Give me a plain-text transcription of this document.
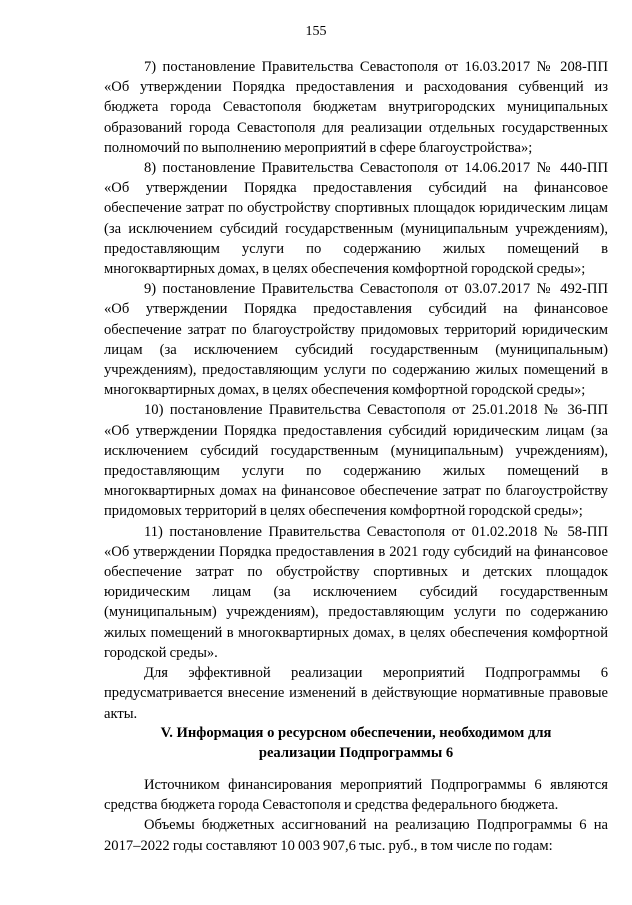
155

7) постановление Правительства Севастополя от 16.03.2017 № 208-ПП «Об утверждении Порядка предоставления и расходования субвенций из бюджета города Севастополя бюджетам внутригородских муниципальных образований города Севастополя для реализации отдельных государственных полномочий по выполнению мероприятий в сфере благоустройства»;

8) постановление Правительства Севастополя от 14.06.2017 № 440-ПП «Об утверждении Порядка предоставления субсидий на финансовое обеспечение затрат по обустройству спортивных площадок юридическим лицам (за исключением субсидий государственным (муниципальным учреждениям), предоставляющим услуги по содержанию жилых помещений в многоквартирных домах, в целях обеспечения комфортной городской среды»;

9) постановление Правительства Севастополя от 03.07.2017 № 492-ПП «Об утверждении Порядка предоставления субсидий на финансовое обеспечение затрат по благоустройству придомовых территорий юридическим лицам (за исключением субсидий государственным (муниципальным) учреждениям), предоставляющим услуги по содержанию жилых помещений в многоквартирных домах, в целях обеспечения комфортной городской среды»;

10) постановление Правительства Севастополя от 25.01.2018 № 36-ПП «Об утверждении Порядка предоставления субсидий юридическим лицам (за исключением субсидий государственным (муниципальным) учреждениям), предоставляющим услуги по содержанию жилых помещений в многоквартирных домах на финансовое обеспечение затрат по благоустройству придомовых территорий в целях обеспечения комфортной городской среды»;

11) постановление Правительства Севастополя от 01.02.2018 № 58-ПП «Об утверждении Порядка предоставления в 2021 году субсидий на финансовое обеспечение затрат по обустройству спортивных и детских площадок юридическим лицам (за исключением субсидий государственным (муниципальным) учреждениям), предоставляющим услуги по содержанию жилых помещений в многоквартирных домах, в целях обеспечения комфортной городской среды».

Для эффективной реализации мероприятий Подпрограммы 6 предусматривается внесение изменений в действующие нормативные правовые акты.

V. Информация о ресурсном обеспечении, необходимом для
реализации Подпрограммы 6

Источником финансирования мероприятий Подпрограммы 6 являются средства бюджета города Севастополя и средства федерального бюджета.

Объемы бюджетных ассигнований на реализацию Подпрограммы 6 на 2017–2022 годы составляют 10 003 907,6 тыс. руб., в том числе по годам:
